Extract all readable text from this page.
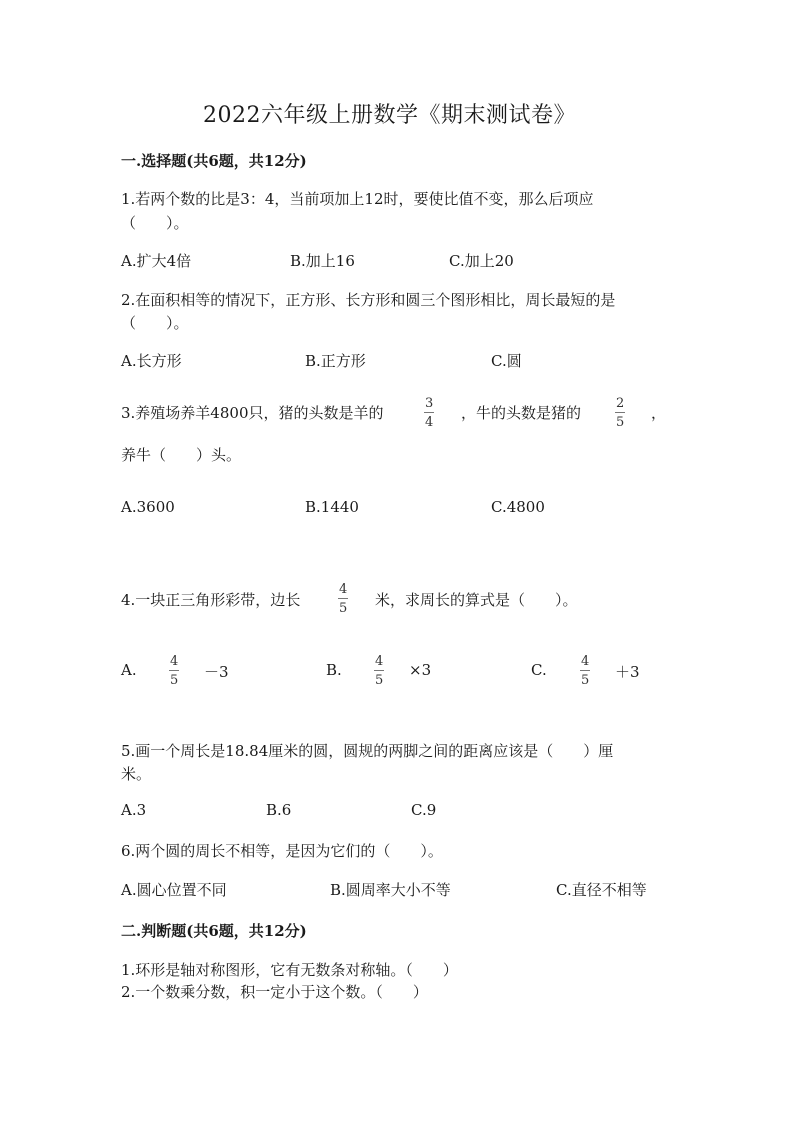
2022六年级上册数学《期末测试卷》
一.选择题(共6题，共12分)
1.若两个数的比是3：4，当前项加上12时，要使比值不变，那么后项应
（　　）。
A.扩大4倍	B.加上16	C.加上20
2.在面积相等的情况下，正方形、长方形和圆三个图形相比，周长最短的是
（　　）。
A.长方形	B.正方形	C.圆
3.养殖场养羊4800只，猪的头数是羊的	$\frac{3}{4}$ ，牛的头数是猪的	$\frac{2}{5}$ ，
养牛（　　）头。
A.3600	B.1440	C.4800
4.一块正三角形彩带，边长	$\frac{4}{5}$ 米，求周长的算式是（　　）。
A. $\frac{4}{5} -3$	B. $\frac{4}{5} \times 3$	C.	$\frac{4}{5} +3$
5.画一个周长是18.84厘米的圆，圆规的两脚之间的距离应该是（　　）厘
米。
A.3	B.6	C.9
6.两个圆的周长不相等，是因为它们的（　　）。
A.圆心位置不同	B.圆周率大小不等	C.直径不相等
二.判断题(共6题，共12分)
1.环形是轴对称图形，它有无数条对称轴。（　　）
2.一个数乘分数，积一定小于这个数。（　　）
